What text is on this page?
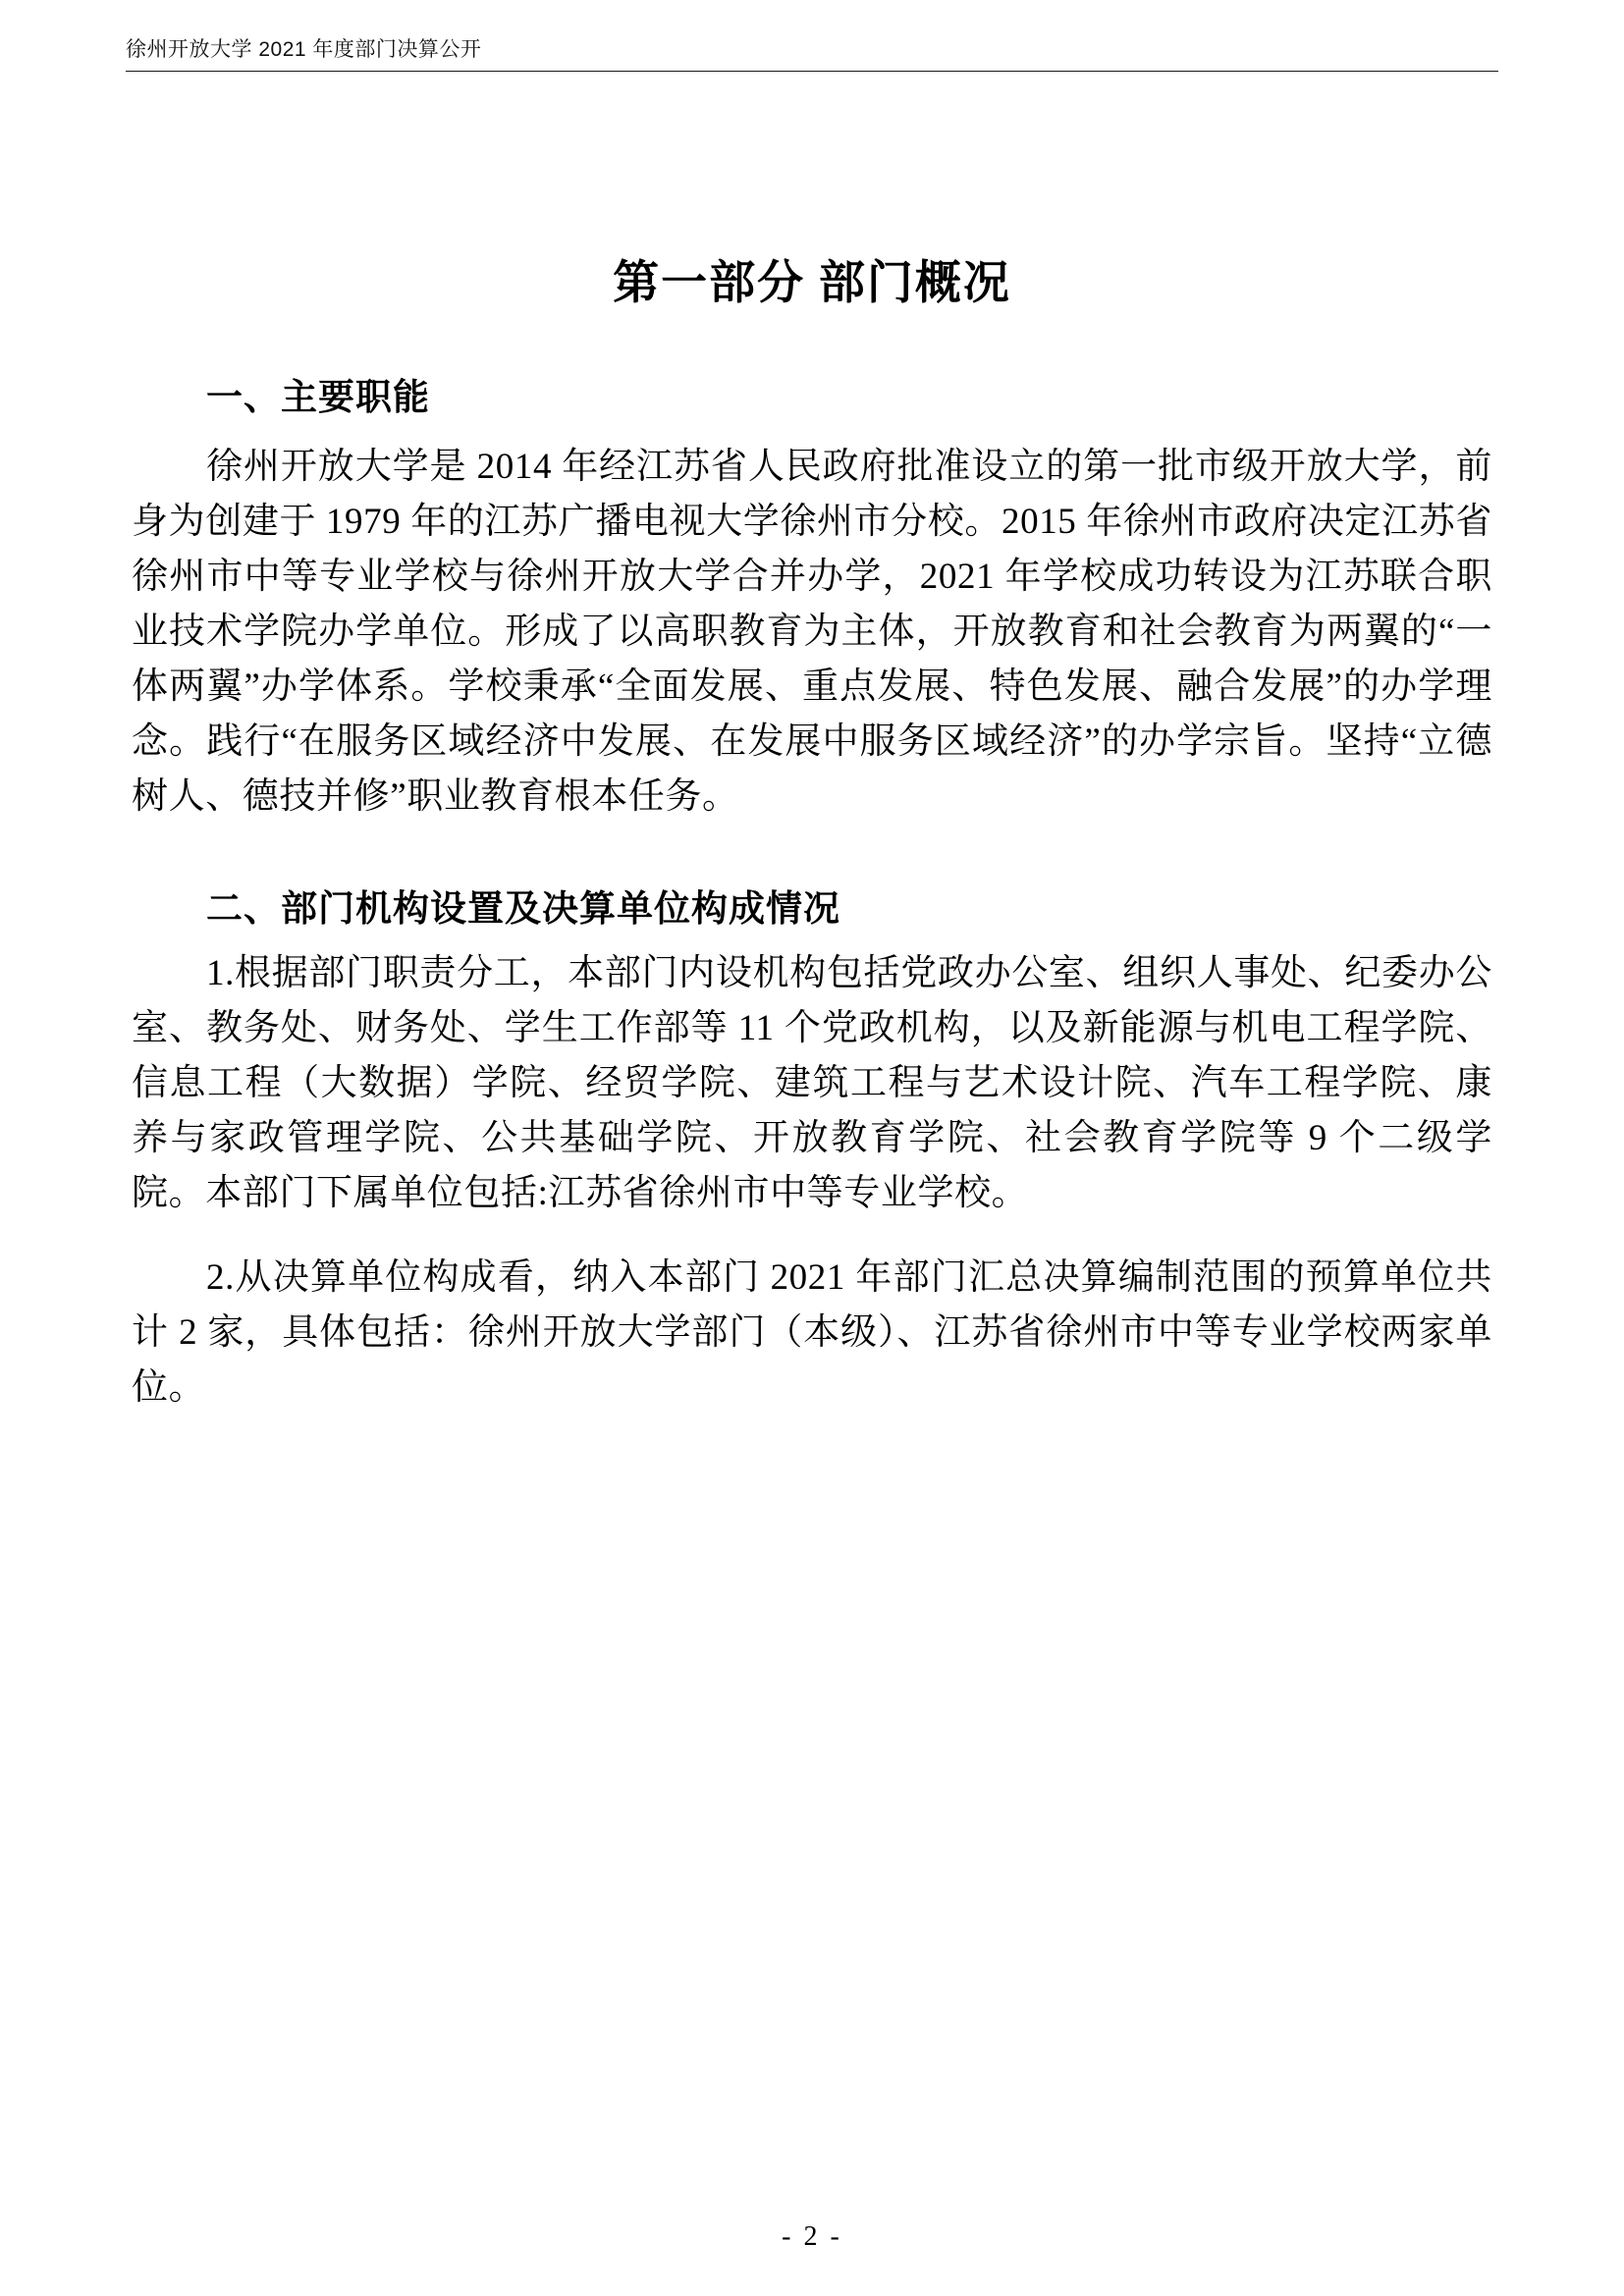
徐州开放大学 2021 年度部门决算公开
第一部分 部门概况
一、主要职能

徐州开放大学是 2014 年经江苏省人民政府批准设立的第一批市级开放大学，前身为创建于 1979 年的江苏广播电视大学徐州市分校。2015 年徐州市政府决定江苏省徐州市中等专业学校与徐州开放大学合并办学，2021 年学校成功转设为江苏联合职业技术学院办学单位。形成了以高职教育为主体，开放教育和社会教育为两翼的“一体两翼”办学体系。学校秉承“全面发展、重点发展、特色发展、融合发展”的办学理念。践行“在服务区域经济中发展、在发展中服务区域经济”的办学宗旨。坚持“立德树人、德技并修”职业教育根本任务。

二、部门机构设置及决算单位构成情况

1.根据部门职责分工，本部门内设机构包括党政办公室、组织人事处、纪委办公室、教务处、财务处、学生工作部等 11 个党政机构，以及新能源与机电工程学院、信息工程（大数据）学院、经贸学院、建筑工程与艺术设计院、汽车工程学院、康养与家政管理学院、公共基础学院、开放教育学院、社会教育学院等 9 个二级学院。本部门下属单位包括:江苏省徐州市中等专业学校。

2.从决算单位构成看，纳入本部门 2021 年部门汇总决算编制范围的预算单位共计 2 家，具体包括：徐州开放大学部门（本级）、江苏省徐州市中等专业学校两家单位。

- 2 -
